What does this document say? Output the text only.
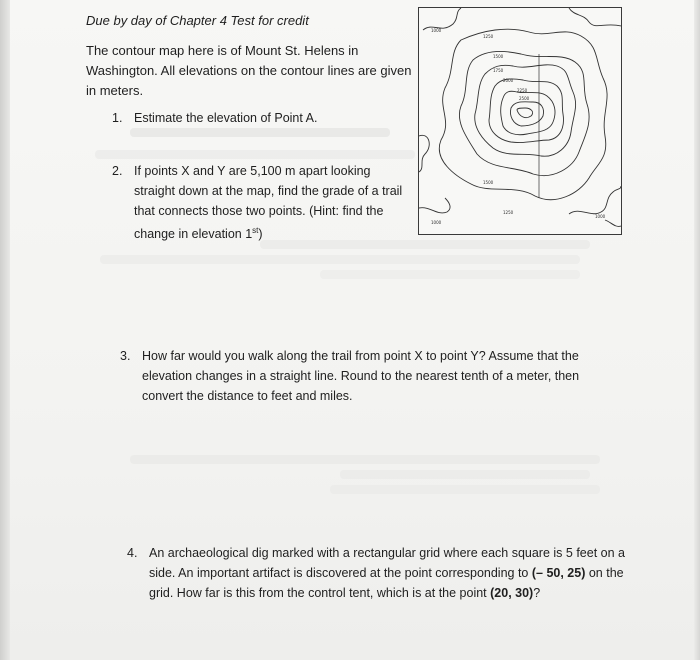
Due by day of Chapter 4 Test for credit
The contour map here is of Mount St. Helens in Washington. All elevations on the contour lines are given in meters.
1. Estimate the elevation of Point A.
2. If points X and Y are 5,100 m apart looking straight down at the map, find the grade of a trail that connects those two points. (Hint: find the change in elevation 1st)
3. How far would you walk along the trail from point X to point Y? Assume that the elevation changes in a straight line. Round to the nearest tenth of a meter, then convert the distance to feet and miles.
4. An archaeological dig marked with a rectangular grid where each square is 5 feet on a side. An important artifact is discovered at the point corresponding to (– 50, 25) on the grid. How far is this from the control tent, which is at the point (20, 30)?
1000
1250
1500
1750
2000
2250
2500
1500
1250
1000
1000
